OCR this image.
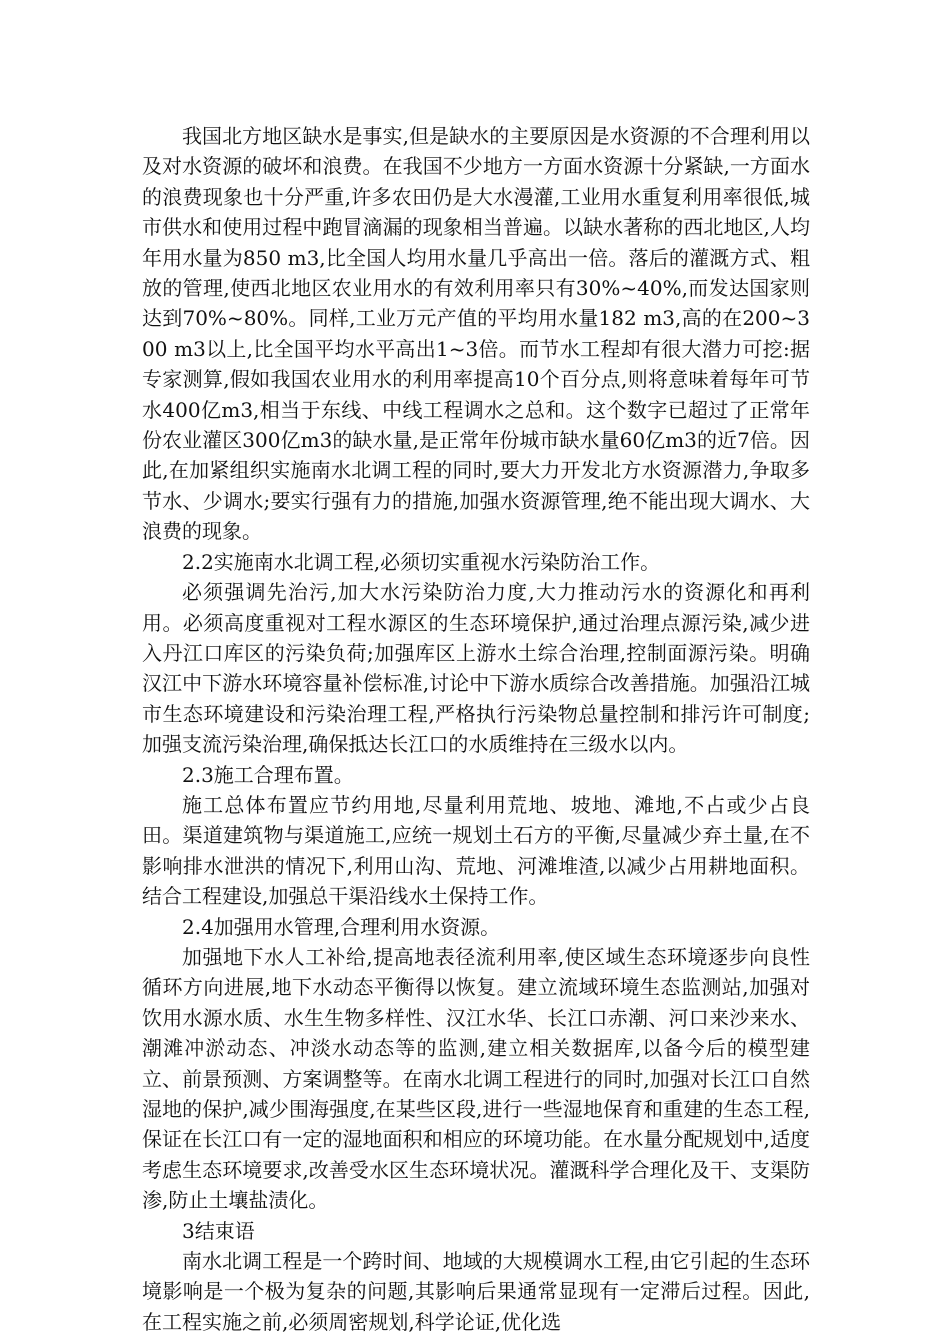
我国北方地区缺水是事实,但是缺水的主要原因是水资源的不合理利用以及对水资源的破坏和浪费。在我国不少地方一方面水资源十分紧缺,一方面水的浪费现象也十分严重,许多农田仍是大水漫灌,工业用水重复利用率很低,城市供水和使用过程中跑冒滴漏的现象相当普遍。以缺水著称的西北地区,人均年用水量为850 m3,比全国人均用水量几乎高出一倍。落后的灌溉方式、粗放的管理,使西北地区农业用水的有效利用率只有30%~40%,而发达国家则达到70%~80%。同样,工业万元产值的平均用水量182 m3,高的在200~300 m3以上,比全国平均水平高出1~3倍。而节水工程却有很大潜力可挖:据专家测算,假如我国农业用水的利用率提高10个百分点,则将意味着每年可节水400亿m3,相当于东线、中线工程调水之总和。这个数字已超过了正常年份农业灌区300亿m3的缺水量,是正常年份城市缺水量60亿m3的近7倍。因此,在加紧组织实施南水北调工程的同时,要大力开发北方水资源潜力,争取多节水、少调水;要实行强有力的措施,加强水资源管理,绝不能出现大调水、大浪费的现象。

2.2实施南水北调工程,必须切实重视水污染防治工作。

必须强调先治污,加大水污染防治力度,大力推动污水的资源化和再利用。必须高度重视对工程水源区的生态环境保护,通过治理点源污染,减少进入丹江口库区的污染负荷;加强库区上游水土综合治理,控制面源污染。明确汉江中下游水环境容量补偿标准,讨论中下游水质综合改善措施。加强沿江城市生态环境建设和污染治理工程,严格执行污染物总量控制和排污许可制度;加强支流污染治理,确保抵达长江口的水质维持在三级水以内。

2.3施工合理布置。

施工总体布置应节约用地,尽量利用荒地、坡地、滩地,不占或少占良田。渠道建筑物与渠道施工,应统一规划土石方的平衡,尽量减少弃土量,在不影响排水泄洪的情况下,利用山沟、荒地、河滩堆渣,以减少占用耕地面积。结合工程建设,加强总干渠沿线水土保持工作。

2.4加强用水管理,合理利用水资源。

加强地下水人工补给,提高地表径流利用率,使区域生态环境逐步向良性循环方向进展,地下水动态平衡得以恢复。建立流域环境生态监测站,加强对饮用水源水质、水生生物多样性、汉江水华、长江口赤潮、河口来沙来水、潮滩冲淤动态、冲淡水动态等的监测,建立相关数据库,以备今后的模型建立、前景预测、方案调整等。在南水北调工程进行的同时,加强对长江口自然湿地的保护,减少围海强度,在某些区段,进行一些湿地保育和重建的生态工程,保证在长江口有一定的湿地面积和相应的环境功能。在水量分配规划中,适度考虑生态环境要求,改善受水区生态环境状况。灌溉科学合理化及干、支渠防渗,防止土壤盐渍化。

3结束语

南水北调工程是一个跨时间、地域的大规模调水工程,由它引起的生态环境影响是一个极为复杂的问题,其影响后果通常显现有一定滞后过程。因此,在工程实施之前,必须周密规划,科学论证,优化选
